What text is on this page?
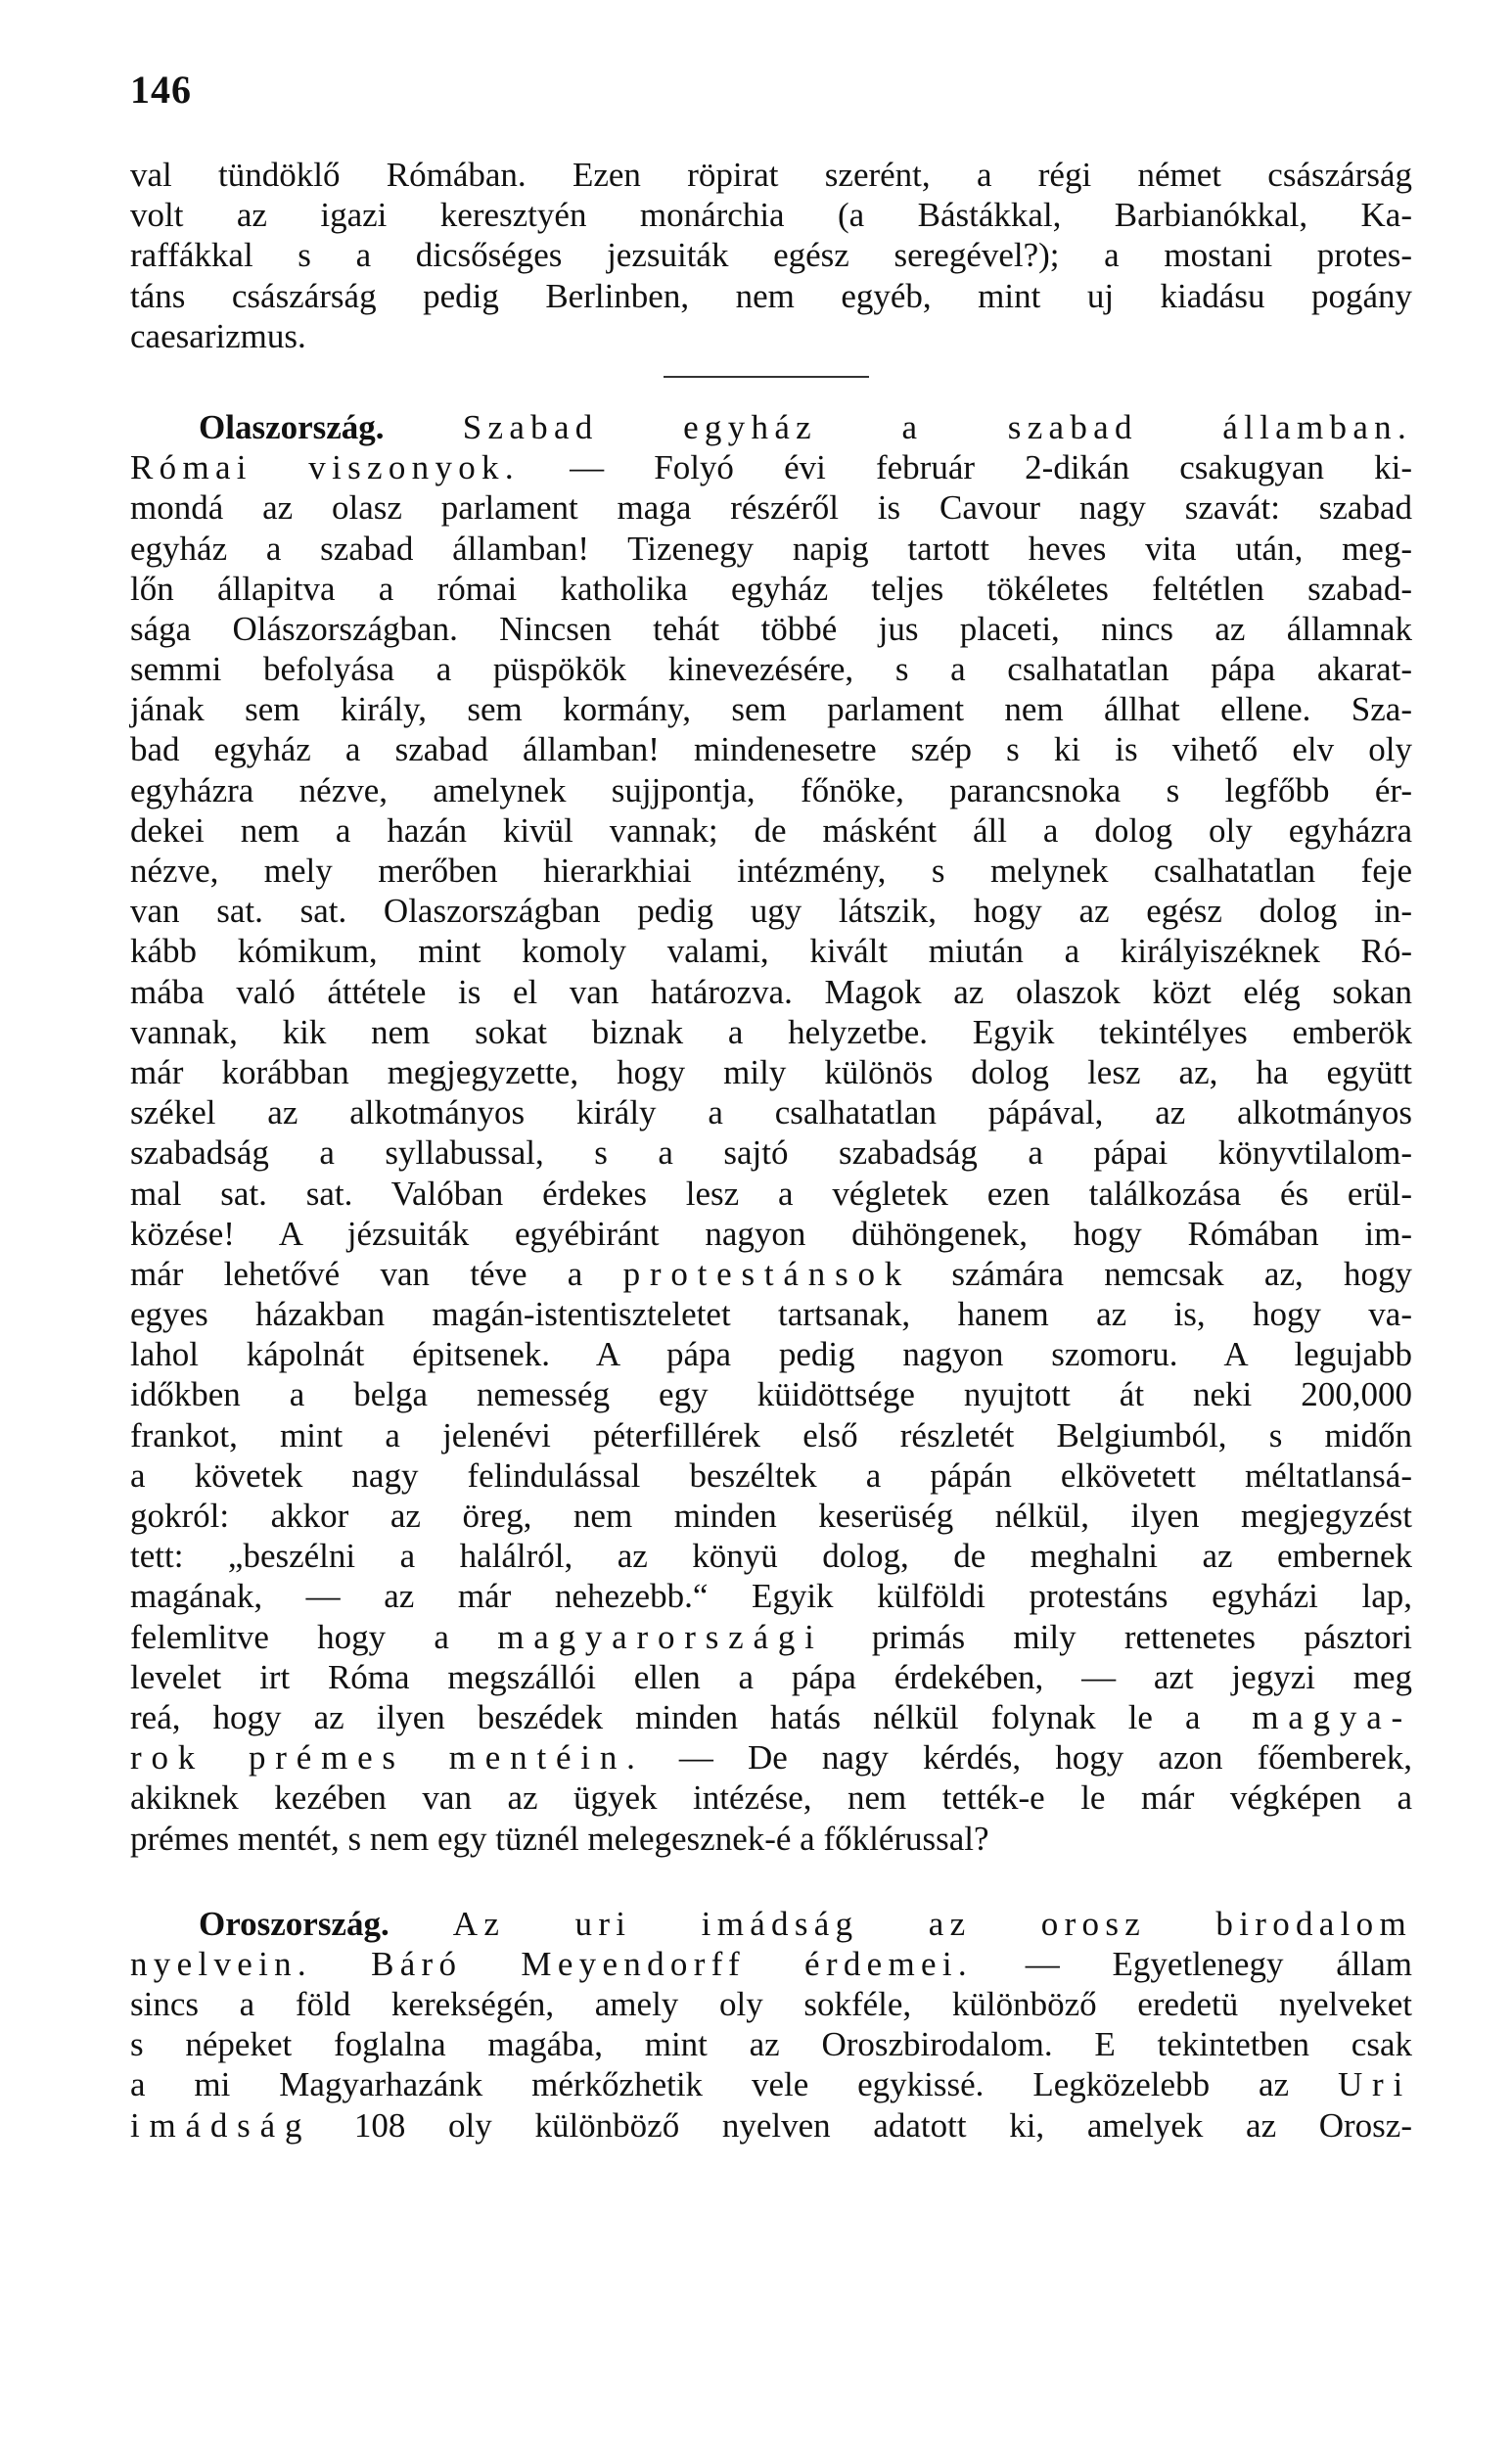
146
val tündöklő Rómában. Ezen röpirat szerént, a régi német császárság
volt az igazi keresztyén monárchia (a Bástákkal, Barbianókkal, Ka-
raffákkal s a dicsőséges jezsuiták egész seregével?); a mostani protes-
táns császárság pedig Berlinben, nem egyéb, mint uj kiadásu pogány
caesarizmus.
Olaszország. Szabad egyház a szabad államban.
Római viszonyok. — Folyó évi február 2-dikán csakugyan ki-
mondá az olasz parlament maga részéről is Cavour nagy szavát: szabad
egyház a szabad államban! Tizenegy napig tartott heves vita után, meg-
lőn állapitva a római katholika egyház teljes tökéletes feltétlen szabad-
sága Olászországban. Nincsen tehát többé jus placeti, nincs az államnak
semmi befolyása a püspökök kinevezésére, s a csalhatatlan pápa akarat-
jának sem király, sem kormány, sem parlament nem állhat ellene. Sza-
bad egyház a szabad államban! mindenesetre szép s ki is vihető elv oly
egyházra nézve, amelynek sujjpontja, főnöke, parancsnoka s legfőbb ér-
dekei nem a hazán kivül vannak; de másként áll a dolog oly egyházra
nézve, mely merőben hierarkhiai intézmény, s melynek csalhatatlan feje
van sat. sat. Olaszországban pedig ugy látszik, hogy az egész dolog in-
kább kómikum, mint komoly valami, kivált miután a királyiszéknek Ró-
mába való áttétele is el van határozva. Magok az olaszok közt elég sokan
vannak, kik nem sokat biznak a helyzetbe. Egyik tekintélyes emberök
már korábban megjegyzette, hogy mily különös dolog lesz az, ha együtt
székel az alkotmányos király a csalhatatlan pápával, az alkotmányos
szabadság a syllabussal, s a sajtó szabadság a pápai könyvtilalom-
mal sat. sat. Valóban érdekes lesz a végletek ezen találkozása és erül-
közése! A jézsuiták egyébiránt nagyon dühöngenek, hogy Rómában im-
már lehetővé van téve a protestánsok számára nemcsak az, hogy
egyes házakban magán-istentiszteletet tartsanak, hanem az is, hogy va-
lahol kápolnát épitsenek. A pápa pedig nagyon szomoru. A legujabb
időkben a belga nemesség egy küidöttsége nyujtott át neki 200,000
frankot, mint a jelenévi péterfillérek első részletét Belgiumból, s midőn
a követek nagy felindulással beszéltek a pápán elkövetett méltatlansá-
gokról: akkor az öreg, nem minden keserüség nélkül, ilyen megjegyzést
tett: „beszélni a halálról, az könyü dolog, de meghalni az embernek
magának, — az már nehezebb.“ Egyik külföldi protestáns egyházi lap,
felemlitve hogy a magyarországi primás mily rettenetes pásztori
levelet irt Róma megszállói ellen a pápa érdekében, — azt jegyzi meg
reá, hogy az ilyen beszédek minden hatás nélkül folynak le a magya-
rok prémes mentéin. — De nagy kérdés, hogy azon főemberek,
akiknek kezében van az ügyek intézése, nem tették-e le már végképen a
prémes mentét, s nem egy tüznél melegesznek-é a főklérussal?
Oroszország. Az uri imádság az orosz birodalom
nyelvein. Báró Meyendorff érdemei. — Egyetlenegy állam
sincs a föld kerekségén, amely oly sokféle, különböző eredetü nyelveket
s népeket foglalna magába, mint az Oroszbirodalom. E tekintetben csak
a mi Magyarhazánk mérkőzhetik vele egykissé. Legközelebb az Uri
imádság 108 oly különböző nyelven adatott ki, amelyek az Orosz-
